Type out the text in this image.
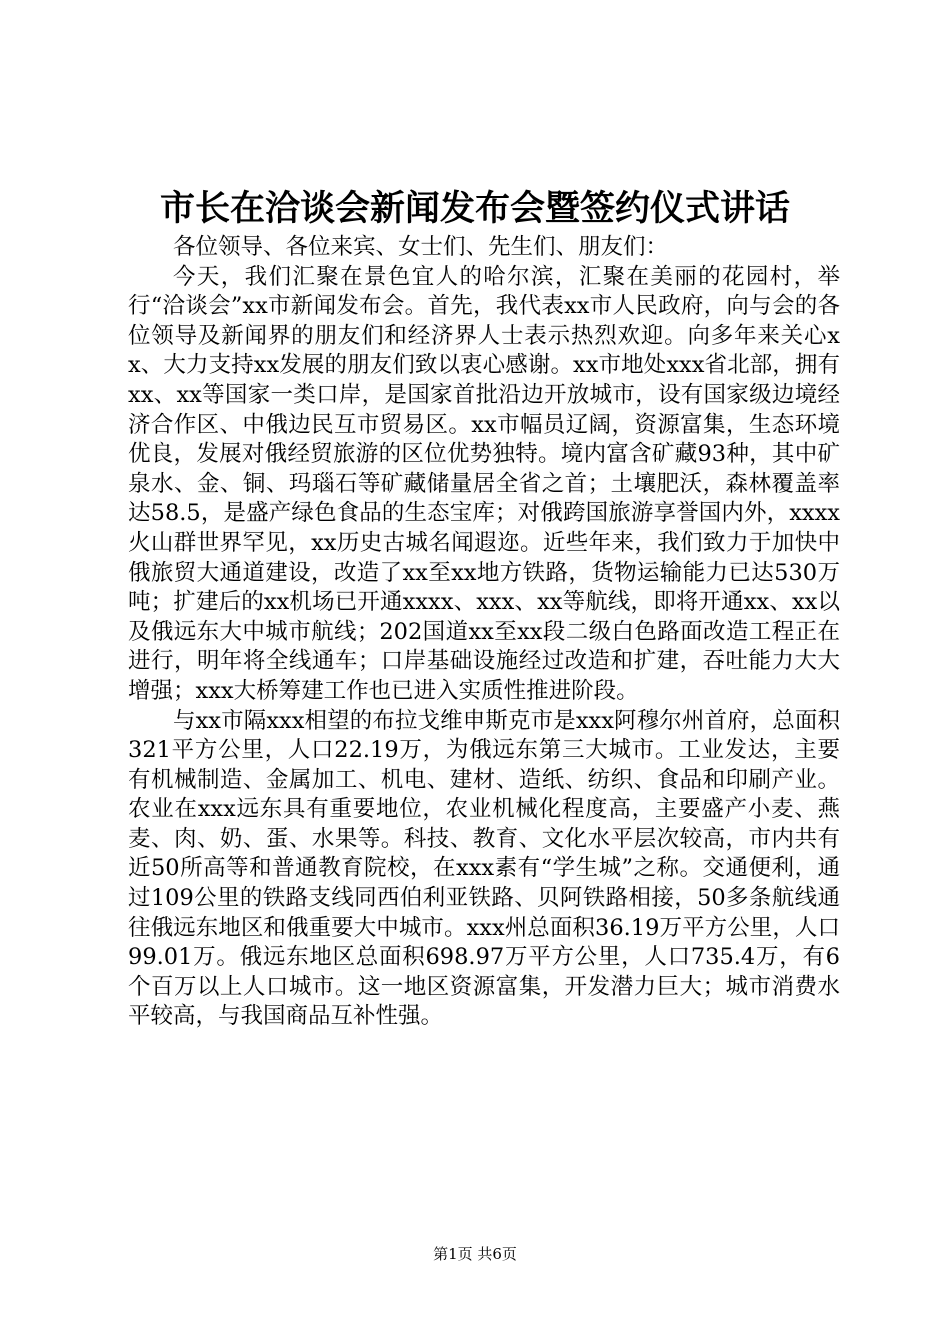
市长在洽谈会新闻发布会暨签约仪式讲话

各位领导、各位来宾、女士们、先生们、朋友们：

今天，我们汇聚在景色宜人的哈尔滨，汇聚在美丽的花园村，举行“洽谈会”xx市新闻发布会。首先，我代表xx市人民政府，向与会的各位领导及新闻界的朋友们和经济界人士表示热烈欢迎。向多年来关心xx、大力支持xx发展的朋友们致以衷心感谢。xx市地处xxx省北部，拥有xx、xx等国家一类口岸，是国家首批沿边开放城市，设有国家级边境经济合作区、中俄边民互市贸易区。xx市幅员辽阔，资源富集，生态环境优良，发展对俄经贸旅游的区位优势独特。境内富含矿藏93种，其中矿泉水、金、铜、玛瑙石等矿藏储量居全省之首；土壤肥沃，森林覆盖率达58.5，是盛产绿色食品的生态宝库；对俄跨国旅游享誉国内外，xxxx火山群世界罕见，xx历史古城名闻遐迩。近些年来，我们致力于加快中俄旅贸大通道建设，改造了xx至xx地方铁路，货物运输能力已达530万吨；扩建后的xx机场已开通xxxx、xxx、xx等航线，即将开通xx、xx以及俄远东大中城市航线；202国道xx至xx段二级白色路面改造工程正在进行，明年将全线通车；口岸基础设施经过改造和扩建，吞吐能力大大增强；xxx大桥筹建工作也已进入实质性推进阶段。

与xx市隔xxx相望的布拉戈维申斯克市是xxx阿穆尔州首府，总面积321平方公里，人口22.19万，为俄远东第三大城市。工业发达，主要有机械制造、金属加工、机电、建材、造纸、纺织、食品和印刷产业。农业在xxx远东具有重要地位，农业机械化程度高，主要盛产小麦、燕麦、肉、奶、蛋、水果等。科技、教育、文化水平层次较高，市内共有近50所高等和普通教育院校，在xxx素有“学生城”之称。交通便利，通过109公里的铁路支线同西伯利亚铁路、贝阿铁路相接，50多条航线通往俄远东地区和俄重要大中城市。xxx州总面积36.19万平方公里，人口99.01万。俄远东地区总面积698.97万平方公里，人口735.4万，有6个百万以上人口城市。这一地区资源富集，开发潜力巨大；城市消费水平较高，与我国商品互补性强。

第1页 共6页
